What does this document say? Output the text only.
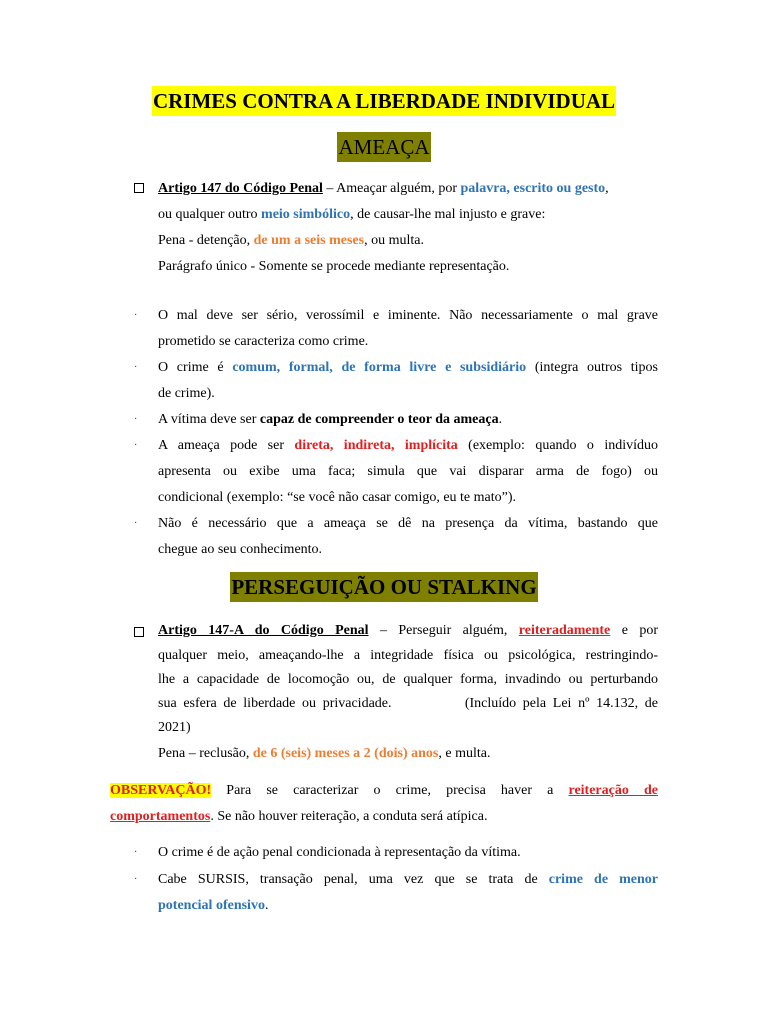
CRIMES CONTRA A LIBERDADE INDIVIDUAL
AMEAÇA
Artigo 147 do Código Penal – Ameaçar alguém, por palavra, escrito ou gesto,
ou qualquer outro meio simbólico, de causar-lhe mal injusto e grave:
Pena - detenção, de um a seis meses, ou multa.
Parágrafo único - Somente se procede mediante representação.
· O mal deve ser sério, verossímil e iminente. Não necessariamente o mal grave
prometido se caracteriza como crime.
· O crime é comum, formal, de forma livre e subsidiário (integra outros tipos
de crime).
· A vítima deve ser capaz de compreender o teor da ameaça.
· A ameaça pode ser direta, indireta, implícita (exemplo: quando o indivíduo
apresenta ou exibe uma faca; simula que vai disparar arma de fogo) ou
condicional (exemplo: “se você não casar comigo, eu te mato”).
· Não é necessário que a ameaça se dê na presença da vítima, bastando que
chegue ao seu conhecimento.
PERSEGUIÇÃO OU STALKING
Artigo 147-A do Código Penal – Perseguir alguém, reiteradamente e por
qualquer meio, ameaçando-lhe a integridade física ou psicológica, restringindo-
lhe a capacidade de locomoção ou, de qualquer forma, invadindo ou perturbando
sua esfera de liberdade ou privacidade.           (Incluído pela Lei nº 14.132, de
2021)
Pena – reclusão, de 6 (seis) meses a 2 (dois) anos, e multa.
OBSERVAÇÃO! Para se caracterizar o crime, precisa haver a reiteração de
comportamentos. Se não houver reiteração, a conduta será atípica.
· O crime é de ação penal condicionada à representação da vítima.
· Cabe SURSIS, transação penal, uma vez que se trata de crime de menor
potencial ofensivo.
